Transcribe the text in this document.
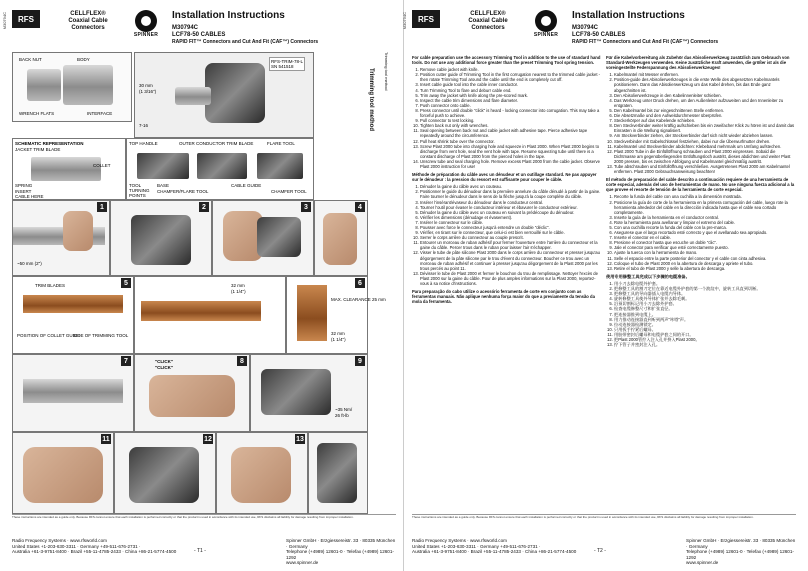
RFS
CELLFLEX®
Coaxial Cable
Connectors
SPINNER
Installation Instructions
M30794C
LCF78-50 CABLES
RAPID FIT™ Connectors and Cut And Fit (CAF™) Connectors
BACK NUT	BODY
WRENCH FLATS	INTERFACE
30 mm
(1 3/16")
7-16
RFS-TRIM-78-L
SN 541518
Trimming tool method	Trimming tool method
SCHEMATIC REPRESENTATION
JACKET TRIM BLADE
COLLET
SPRING
INSERT
CABLE HERE
TOP HANDLE	OUTER CONDUCTOR TRIM BLADE	FLARE TOOL
TOOL
TURNING
POINTS
BASE
CHAMFER/FLARE TOOL
CABLE GUIDE
CHAMFER TOOL
1
~50 mm (2")
2	3	4
5
TRIM BLADES
POSITION OF COLLET GUIDE
SIDE OF TRIMMING TOOL
32 mm
(1 1/4")
6
MAX. CLEARANCE 25 mm
32 mm
(1 1/4")
7	8
"CLICK"
"CLICK"
9
~35 Nm/
26 ft-lb
11	12	13
These instructions are intended as a guide only. Because RFS cannot ensure that each installation is performed correctly or that the product is used in accordance with its intended use, RFS disclaims all liability for damage resulting from improper installation.
Radio Frequency Systems · www.rfsworld.com
United States +1-203-630-3311 · Germany +49-511-676-2731 ·
Australia +61-3-9751-8400 · Brazil +55-11-4785-2433 · China +86-21-5774-4500
Spinner GmbH · Erzgiessereistr. 33 · 80335 München · Germany
Telephone (+4989) 12601-0 · Telefax (+4989) 12601-1292
www.spinner.de
- T1 -
RFS
CELLFLEX®
Coaxial Cable
Connectors
SPINNER
Installation Instructions
M30794C
LCF78-50 CABLES
RAPID FIT™ Connectors and Cut And Fit (CAF™) Connectors

For cable preparation use the accessory Trimming Tool in addition to the use of standard hand tools. Do not use any additional force greater than the preset Trimming Tool spring tension.

1. Remove cable jacket with knife.
2. Position cutter guide of Trimming Tool in the first corrugation nearest to the trimmed cable jacket - then rotate Trimming Tool around the cable until the end is completely cut off.
3. Insert cable guide tool into the cable inner conductor.
4. Turn Trimming Tool to flare and deburr cable end.
5. Trim away the jacket with knife along the pre-scored mark.
6. Inspect the cable trim dimensions and flare diameter.
7. Push connector onto cable.
8. Press connector until double "click" is heard - locking connector into corrugation. This may take a forceful push to achieve.
9. Pull connector to test locking.
10. Tighten back nut only with wrenches.
11. Seal opening between back nut and cable jacket with adhesive tape. Pierce adhesive tape repeatedly around the circumference.
12. Pull heat shrink tube over the connector.
13. Screw Plast 2000 tube into charging hole and squeeze in Plast 2000. When Plast 2000 begins to discharge from vent hole, seal the vent hole with tape. Resume squeezing tube until there is a constant discharge of Plast 2000 from the pierced holes in the tape.
14. Unscrew tube and seal charging hole. Remove excess Plast 2000 from the cable jacket. Observe Plast 2000 instruction for use!

Méthode de préparation du câble avec un dénudeur et un outillage standard. Ne pas appuyer sur le dénudeur : la pression du ressort est suffisante pour couper le câble.

1. Dénuder la gaine du câble avec un couteau.
2. Positionner le guide du dénudeur dans la première annelure du câble dénudé à partir de la gaine. Faire tourner le dénudeur dans le sens de la flèche jusqu'à la coupe complète du câble.
3. Insérer l'insérant/évaseur du dénudeur dans le conducteur central.
4. Tourner l'outil pour évaser le conducteur intérieur et ébavurer le conducteur extérieur.
5. Dénuder la gaine du câble avec un couteau en suivant la prédécoupe du dénudeur.
6. Vérifier les dimensions (dénudage et évasement).
7. Insérer le connecteur sur le câble.
8. Pousser avec force le connecteur jusqu'à entendre un double "déclic".
9. Vérifier, en tirant sur le connecteur, que celui-ci est bien verrouillé sur le câble.
10. Serrer le corps arrière du connecteur au couple prescrit.
11. Entourer un morceau de ruban adhésif pour fermer l'ouverture entre l'arrière du connecteur et la gaine du câble. Percer trous dans le ruban pour laisser l'air s'échapper.
12. Visser le tube de pâte silicone Plast 2000 dans le corps arrière du connecteur et presser jusqu'au dégorgement de la pâte silicone par le trou d'évent du connecteur. Boucher ce trou avec un morceau de ruban adhésif et continuer à presser jusqu'au dégorgement de la Plast 2000 par les trous percés au point 11.
13. Dévisser le tube de Plast 2000 et fermer le bouchon du trou de remplissage. Nettoyer l'excès de Plast 2000 sur la gaine du câble. Pour de plus amples informations sur la Plast 2000, reportez-vous à sa notice d'instructions.

Para preparação do cabo utilize o acessório ferramenta de corte em conjunto com as ferramentas manuais. Não aplique nenhuma força maior do que a previamente da tensão da mola da ferramenta.

Für die Kabelvorbereitung als Zubehör das Abisolierwerkzeug zusätzlich zum Gebrauch von Standard-Werkzeugen verwenden. Keine zusätzliche Kraft anwenden, die größer ist als die voreingestellte Federspannung des Abisolierwerkzeuges!

1. Kabelmantel mit Messer entfernen.
2. Position-guide des Abisolierwerkzeuges in die erste Welle des abgesetzten Kabelmantels positionieren. Dann das Abisolierwerkzeug um das Kabel drehen, bis das Ende ganz abgeschnitten ist.
3. Den Abisolierwerkzeuge in den Kabelinnenleiter schieben.
4. Das Werkzeug unter Druck drehen, um den Außenleiter aufzuweiten und den Innenleiter zu entgraten.
5. Den Kabelmantel bis zur eingeschnittenen Stelle entfernen.
6. Die Absetzmaße und den Aufweitdurchmesser überprüfen.
7. Steckerkörper auf das Kabelende schieben.
8. Den Steckverbinder weiter kräftig aufschieben bis ein zweifacher Klick zu hören ist und damit das Einrasten in die Wellung signalisiert.
9. Am Steckverbinder ziehen, der Steckverbinder darf sich nicht wieder abziehen lassen.
10. Steckverbinder mit Gabelschlüssel festziehen, dabei nur die Überwurfmutter drehen.
11. Kabelmantel und Steckverbinder abdichten: Klebeband mehrmals um Umfang aufstechen.
12. Plast 2000 Tube in die Einfüllöffnung schrauben und Plast 2000 einpressen. Sobald die Dichtmasse am gegenüberliegenden Entlüftungsloch austritt, dieses abdichten und weiter Plast 2000 pressen, bis es zwischen Abfolgung und Kabelmantel gleichmäßig austritt.
13. Tube abschrauben und Einfüllöffnung verschließen. Ausgetretenes Plast 2000 am Kabelmantel entfernen. Plast 2000 Gebrauchsanweisung beachten!

El método de preparación del cable descrito a continuación requiere de una herramienta de corte especial, además del uso de herramientas de mano. No use ninguna fuerza adicional a la que provee el resorte de tensión de la herramienta de corte especial.

1. Recorte la funda del cable con una cuchilla a la dimensión mostrada.
2. Posicione la guía de corte de la herramienta en la primera corrugación del cable, luego rote la herramienta alrededor del cable en la dirección indicada hasta que el cable sea cortado completamente.
3. Inserte la guía de la herramienta en el conductor central.
4. Rote la herramienta para avellanar y limpiar el extremo del cable.
5. Con una cuchilla recorte la funda del cable con la pre-marca.
6. Asegurese que el largo recortado esté correcto y que el avellanado sea apropiado.
7. Inserte el conector en el cable.
8. Presione el conector hasta que escuche un doble "clic".
9. Jale el conector para verificar que esté correctamente puesto.
10. Ajuste la tuerca con la herramienta de mano.
11. Selle el espacio entre la parte posterior del conector y el cable con cinta adhesiva.
12. Coloque el tubo de Plast 2000 en la abertura de descarga y apriete el tubo.
13. Retire el tubo de Plast 2000 y selle la abertura de descarga.

使用专用修整工具完成以下步骤的电缆准备。

1. 用小刀去除电缆外护套。
2. 把修整工具的割刀定位在靠近电缆外护套的第一个波纹中，旋转工具直到切断。
3. 把修整工具的导向器插入电缆内导体。
4. 旋转修整工具使外导体扩张并去除毛刺。
5. 沿预切割标记用小刀去除外护套。
6. 检查电缆修整尺寸和扩张直径。
7. 把连接器推到电缆上。
8. 用力推动连接器直到听到两声"咔嗒"声。
9. 拉动连接器检测锁定。
10. 只用扳手拧紧后螺母。
11. 用胶带密封后螺母和电缆护套之间的开口。
12. 把Plast 2000管拧入注入孔并挤入Plast 2000。
13. 拧下管子并密封注入孔。
These instructions are intended as a guide only. Because RFS cannot ensure that each installation is performed correctly or that the product is used in accordance with its intended use, RFS disclaims all liability for damage resulting from improper installation.
Radio Frequency Systems · www.rfsworld.com
United States +1-203-630-3311 · Germany +49-511-676-2731 ·
Australia +61-3-9751-8400 · Brazil +55-11-4785-2433 · China +86-21-5774-4500
Spinner GmbH · Erzgiessereistr. 33 · 80335 München · Germany
Telephone (+4989) 12601-0 · Telefax (+4989) 12601-1292
www.spinner.de
- T2 -
M30794C	M30794C
